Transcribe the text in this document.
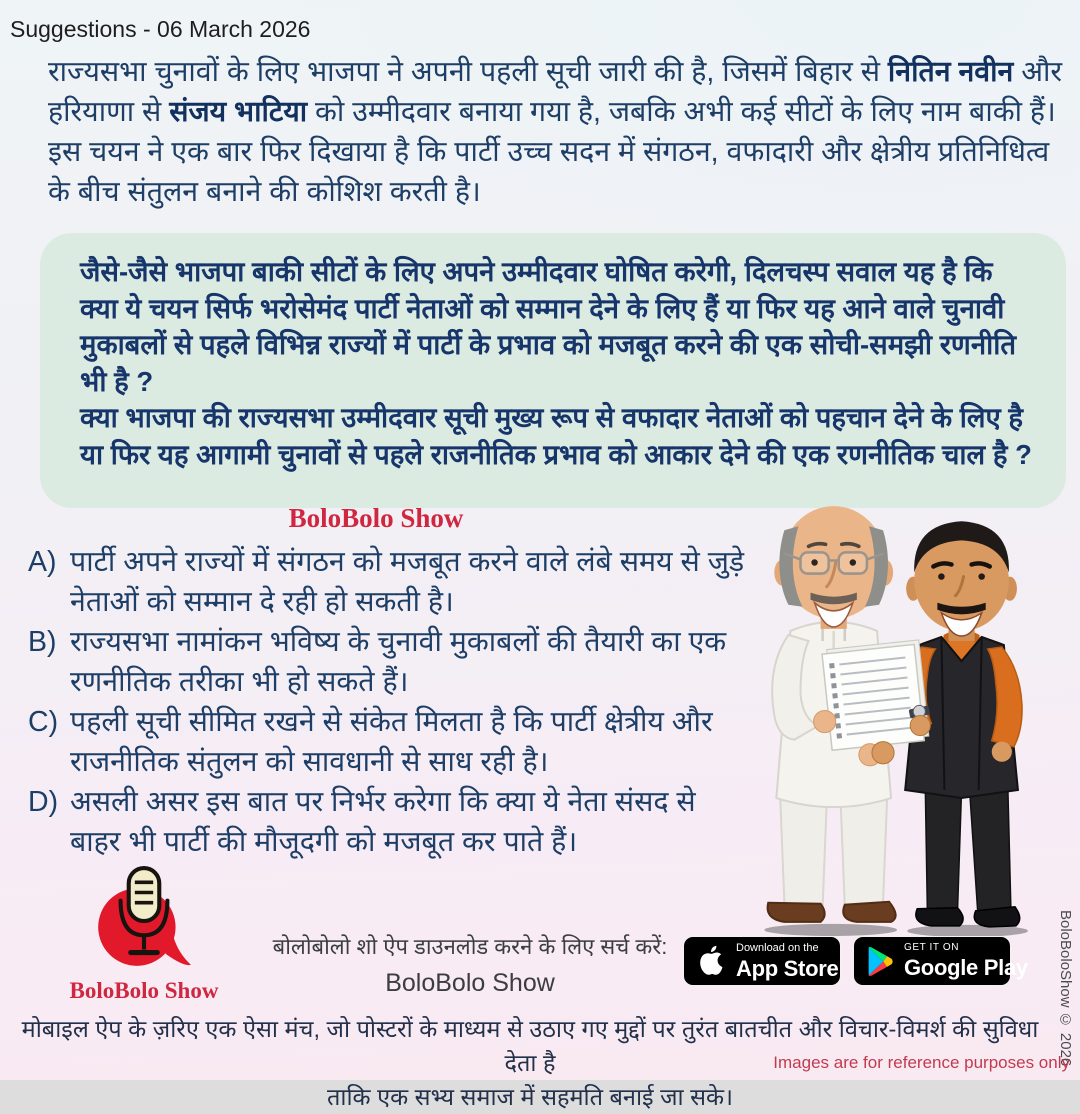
Suggestions - 06 March 2026
राज्यसभा चुनावों के लिए भाजपा ने अपनी पहली सूची जारी की है, जिसमें बिहार से नितिन नवीन और हरियाणा से संजय भाटिया को उम्मीदवार बनाया गया है, जबकि अभी कई सीटों के लिए नाम बाकी हैं। इस चयन ने एक बार फिर दिखाया है कि पार्टी उच्च सदन में संगठन, वफादारी और क्षेत्रीय प्रतिनिधित्व के बीच संतुलन बनाने की कोशिश करती है।

जैसे-जैसे भाजपा बाकी सीटों के लिए अपने उम्मीदवार घोषित करेगी, दिलचस्प सवाल यह है कि क्या ये चयन सिर्फ भरोसेमंद पार्टी नेताओं को सम्मान देने के लिए हैं या फिर यह आने वाले चुनावी मुकाबलों से पहले विभिन्न राज्यों में पार्टी के प्रभाव को मजबूत करने की एक सोची-समझी रणनीति भी है ?

क्या भाजपा की राज्यसभा उम्मीदवार सूची मुख्य रूप से वफादार नेताओं को पहचान देने के लिए है या फिर यह आगामी चुनावों से पहले राजनीतिक प्रभाव को आकार देने की एक रणनीतिक चाल है ?

BoloBolo Show
A) पार्टी अपने राज्यों में संगठन को मजबूत करने वाले लंबे समय से जुड़े नेताओं को सम्मान दे रही हो सकती है।
B) राज्यसभा नामांकन भविष्य के चुनावी मुकाबलों की तैयारी का एक रणनीतिक तरीका भी हो सकते हैं।
C) पहली सूची सीमित रखने से संकेत मिलता है कि पार्टी क्षेत्रीय और राजनीतिक संतुलन को सावधानी से साध रही है।
D) असली असर इस बात पर निर्भर करेगा कि क्या ये नेता संसद से बाहर भी पार्टी की मौजूदगी को मजबूत कर पाते हैं।
BoloBolo Show
बोलोबोलो शो ऐप डाउनलोड करने के लिए सर्च करें:
BoloBolo Show
Download on the
App Store
GET IT ON
Google Play
मोबाइल ऐप के ज़रिए एक ऐसा मंच, जो पोस्टरों के माध्यम से उठाए गए मुद्दों पर तुरंत बातचीत और विचार-विमर्श की सुविधा देता है
ताकि एक सभ्य समाज में सहमति बनाई जा सके।
BoloBoloShow © 2026
Images are for reference purposes only
